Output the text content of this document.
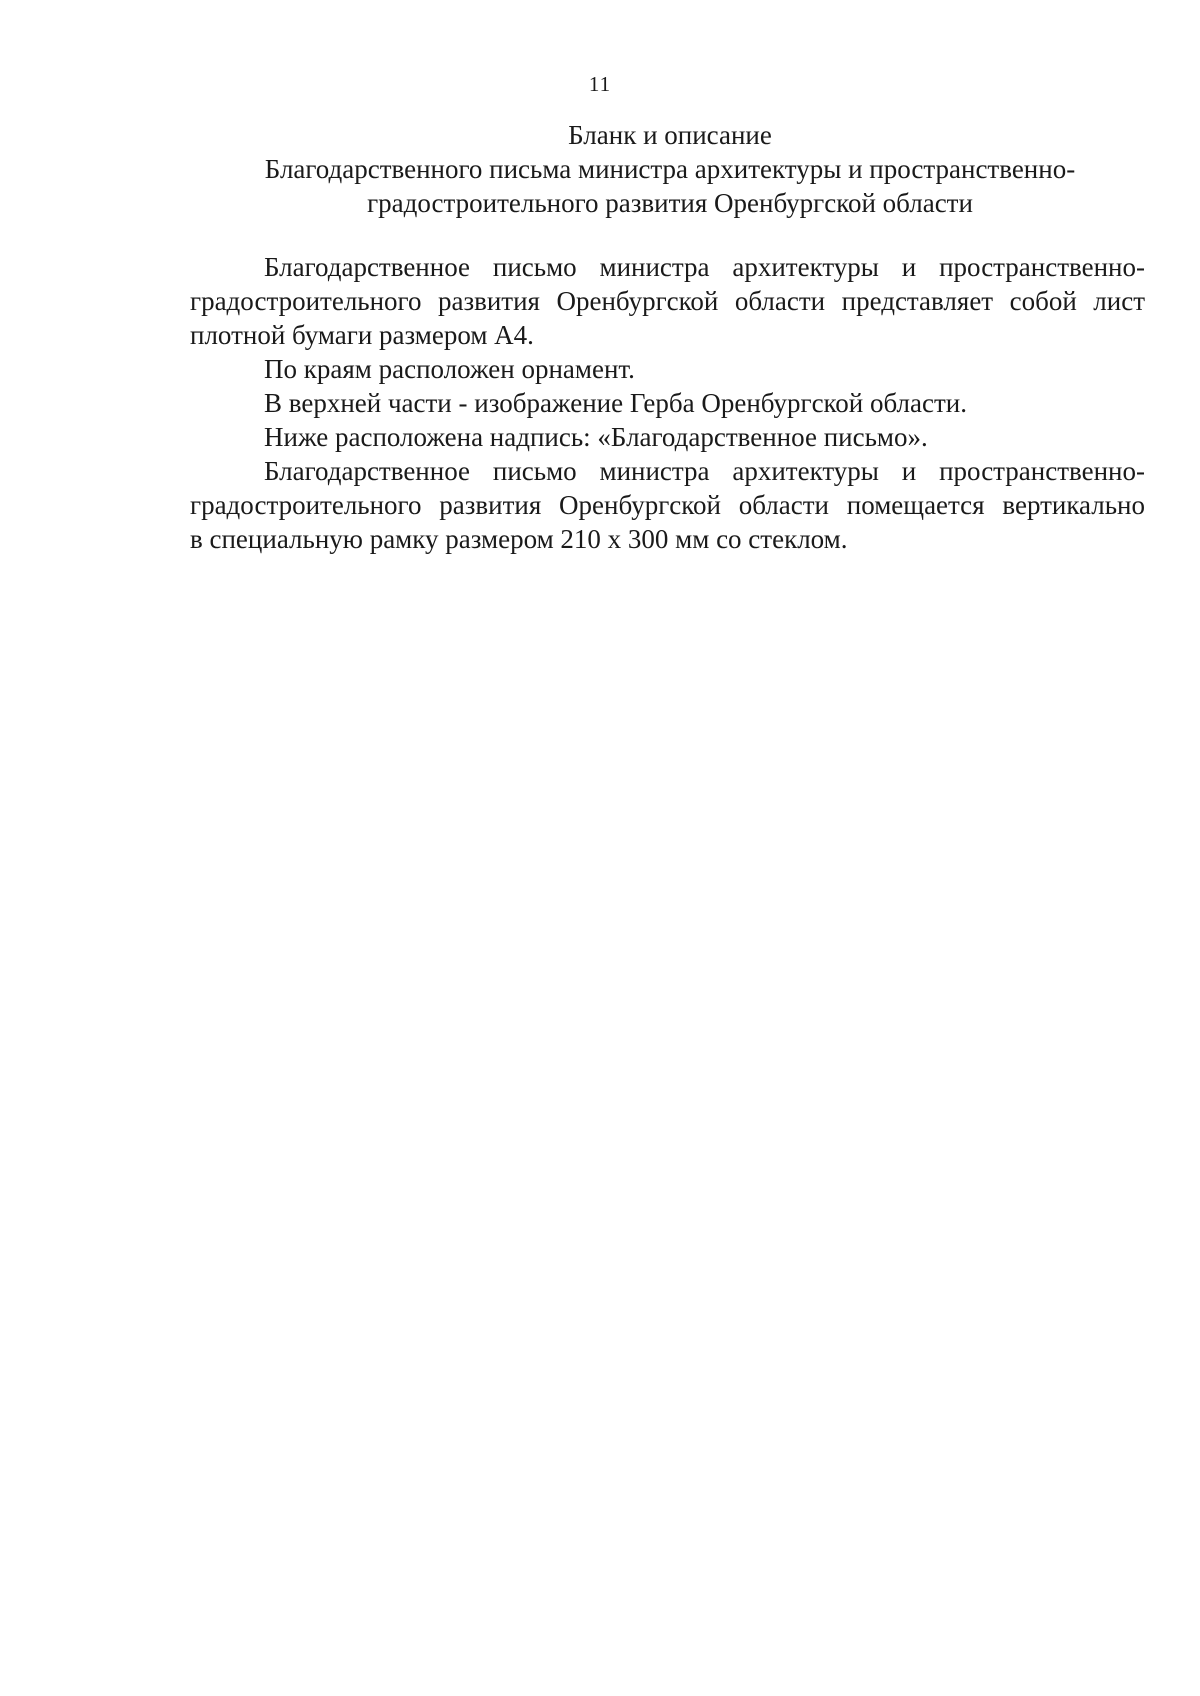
11
Бланк и описание
Благодарственного письма министра архитектуры и пространственно-
градостроительного развития Оренбургской области
Благодарственное письмо министра архитектуры и пространственно-
градостроительного развития Оренбургской области представляет собой лист
плотной бумаги размером А4.
По краям расположен орнамент.
В верхней части - изображение Герба Оренбургской области.
Ниже расположена надпись: «Благодарственное письмо».
Благодарственное письмо министра архитектуры и пространственно-
градостроительного развития Оренбургской области помещается вертикально
в специальную рамку размером 210 х 300 мм со стеклом.
